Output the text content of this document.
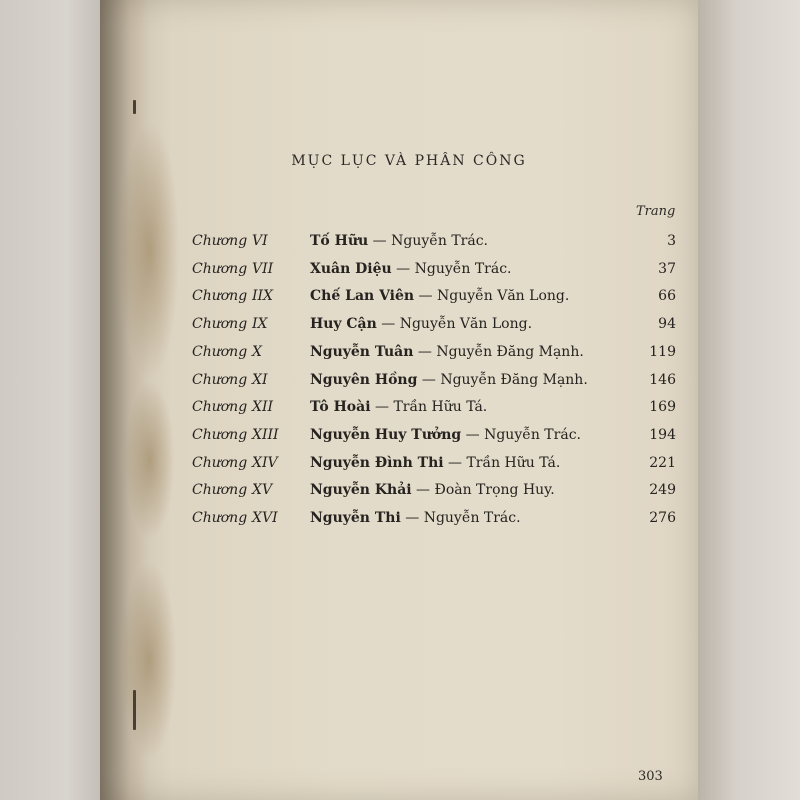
MỤC LỤC VÀ PHÂN CÔNG
Trang
Chương VI	Tố Hữu — Nguyễn Trác.	3
Chương VII	Xuân Diệu — Nguyễn Trác.	37
Chương IIX	Chế Lan Viên — Nguyễn Văn Long.	66
Chương IX	Huy Cận — Nguyễn Văn Long.	94
Chương X	Nguyễn Tuân — Nguyễn Đăng Mạnh.	119
Chương XI	Nguyên Hồng — Nguyễn Đăng Mạnh.	146
Chương XII	Tô Hoài — Trần Hữu Tá.	169
Chương XIII Nguyễn Huy Tưởng — Nguyễn Trác.	194
Chương XIV Nguyễn Đình Thi — Trần Hữu Tá.	221
Chương XV	Nguyễn Khải — Đoàn Trọng Huy.	249
Chương XVI Nguyễn Thi — Nguyễn Trác.	276
303
